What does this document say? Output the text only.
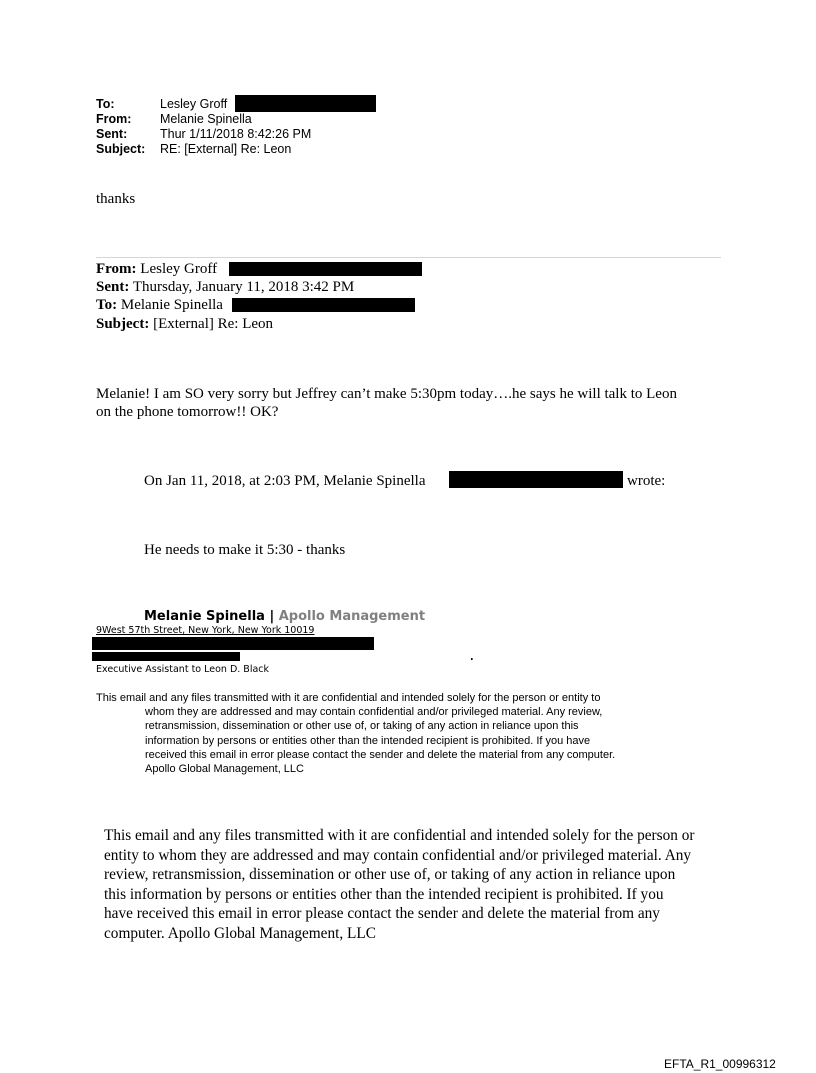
To:	Lesley Groff
From: Melanie Spinella
Sent:	Thur 1/11/2018 8:42:26 PM
Subject: RE: [External] Re: Leon
thanks
From: Lesley Groff
Sent: Thursday, January 11, 2018 3:42 PM
To: Melanie Spinella
Subject: [External] Re: Leon
Melanie! I am SO very sorry but Jeffrey can’t make 5:30pm today….he says he will talk to Leon
on the phone tomorrow!! OK?
On Jan 11, 2018, at 2:03 PM, Melanie Spinella	wrote:
He needs to make it 5:30 - thanks
Melanie Spinella | Apollo Management
9West 57th Street, New York, New York 10019
.
Executive Assistant to Leon D. Black
This email and any files transmitted with it are confidential and intended solely for the person or entity to
whom they are addressed and may contain confidential and/or privileged material. Any review,
retransmission, dissemination or other use of, or taking of any action in reliance upon this
information by persons or entities other than the intended recipient is prohibited. If you have
received this email in error please contact the sender and delete the material from any computer.
Apollo Global Management, LLC
This email and any files transmitted with it are confidential and intended solely for the person or
entity to whom they are addressed and may contain confidential and/or privileged material. Any
review, retransmission, dissemination or other use of, or taking of any action in reliance upon
this information by persons or entities other than the intended recipient is prohibited. If you
have received this email in error please contact the sender and delete the material from any
computer. Apollo Global Management, LLC
EFTA_R1_00996312
